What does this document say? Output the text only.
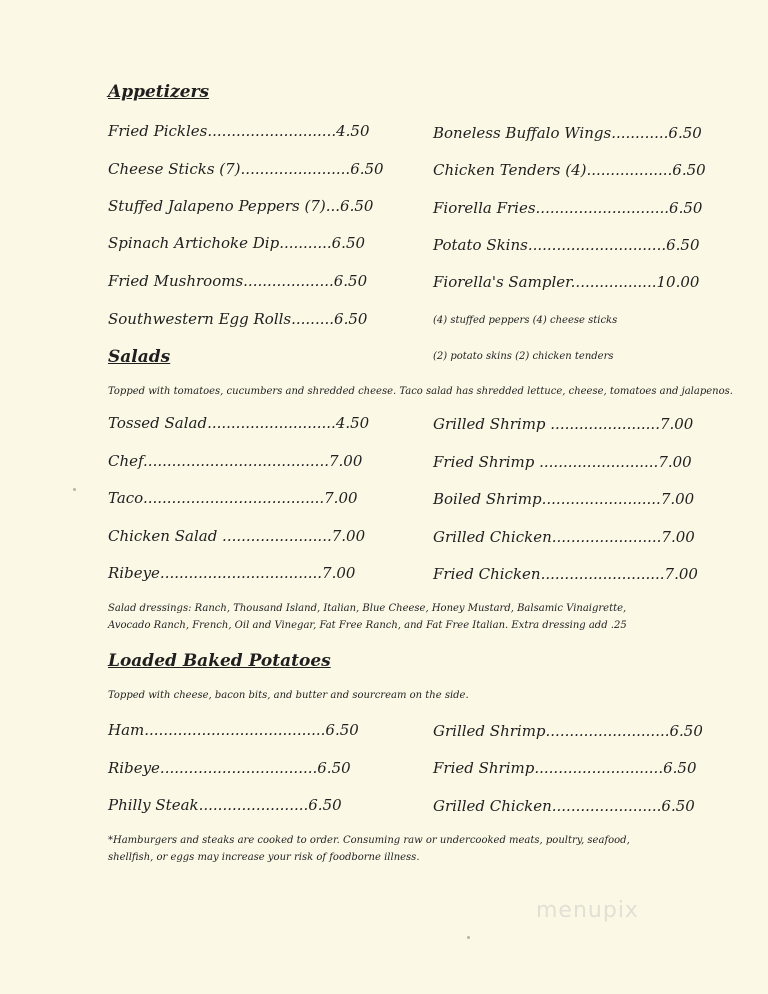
Appetizers
Fried Pickles...........................4.50
Cheese Sticks (7).......................6.50
Stuffed Jalapeno Peppers (7)...6.50
Spinach Artichoke Dip...........6.50
Fried Mushrooms...................6.50
Southwestern Egg Rolls.........6.50
Boneless Buffalo Wings............6.50
Chicken Tenders (4)..................6.50
Fiorella Fries............................6.50
Potato Skins.............................6.50
Fiorella's Sampler..................10.00
(4) stuffed peppers (4) cheese sticks
(2) potato skins (2) chicken tenders
Salads
Topped with tomatoes, cucumbers and shredded cheese. Taco salad has shredded lettuce, cheese, tomatoes and jalapenos.
Tossed Salad...........................4.50
Chef.......................................7.00
Taco......................................7.00
Chicken Salad .......................7.00
Ribeye..................................7.00
Grilled Shrimp .......................7.00
Fried Shrimp .........................7.00
Boiled Shrimp.........................7.00
Grilled Chicken.......................7.00
Fried Chicken..........................7.00
Salad dressings: Ranch, Thousand Island, Italian, Blue Cheese, Honey Mustard, Balsamic Vinaigrette, Avocado Ranch, French, Oil and Vinegar, Fat Free Ranch, and Fat Free Italian. Extra dressing add .25
Loaded Baked Potatoes
Topped with cheese, bacon bits, and butter and sourcream on the side.
Ham......................................6.50
Ribeye.................................6.50
Philly Steak.......................6.50
Grilled Shrimp..........................6.50
Fried Shrimp...........................6.50
Grilled Chicken.......................6.50
*Hamburgers and steaks are cooked to order. Consuming raw or undercooked meats, poultry, seafood, shellfish, or eggs may increase your risk of foodborne illness.
menupix
